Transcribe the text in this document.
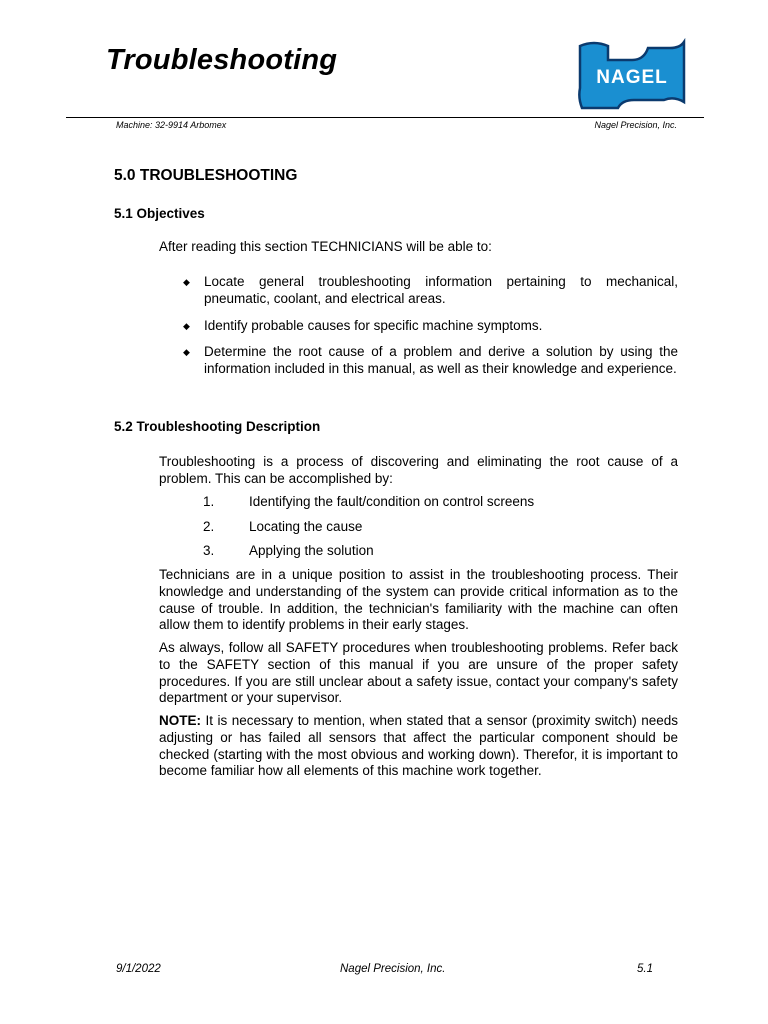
Troubleshooting
NAGEL
Machine: 32-9914 Arbomex	Nagel Precision, Inc.
5.0 TROUBLESHOOTING
5.1 Objectives
After reading this section TECHNICIANS will be able to:
◆ Locate general troubleshooting information pertaining to mechanical, pneumatic, coolant, and electrical areas.
◆ Identify probable causes for specific machine symptoms.
◆ Determine the root cause of a problem and derive a solution by using the information included in this manual, as well as their knowledge and experience.
5.2 Troubleshooting Description
Troubleshooting is a process of discovering and eliminating the root cause of a problem. This can be accomplished by:
1.	Identifying the fault/condition on control screens
2.	Locating the cause
3.	Applying the solution
Technicians are in a unique position to assist in the troubleshooting process. Their knowledge and understanding of the system can provide critical information as to the cause of trouble. In addition, the technician's familiarity with the machine can often allow them to identify problems in their early stages.
As always, follow all SAFETY procedures when troubleshooting problems. Refer back to the SAFETY section of this manual if you are unsure of the proper safety procedures. If you are still unclear about a safety issue, contact your company's safety department or your supervisor.
NOTE: It is necessary to mention, when stated that a sensor (proximity switch) needs adjusting or has failed all sensors that affect the particular component should be checked (starting with the most obvious and working down). Therefor, it is important to become familiar how all elements of this machine work together.
9/1/2022	Nagel Precision, Inc.	5.1
